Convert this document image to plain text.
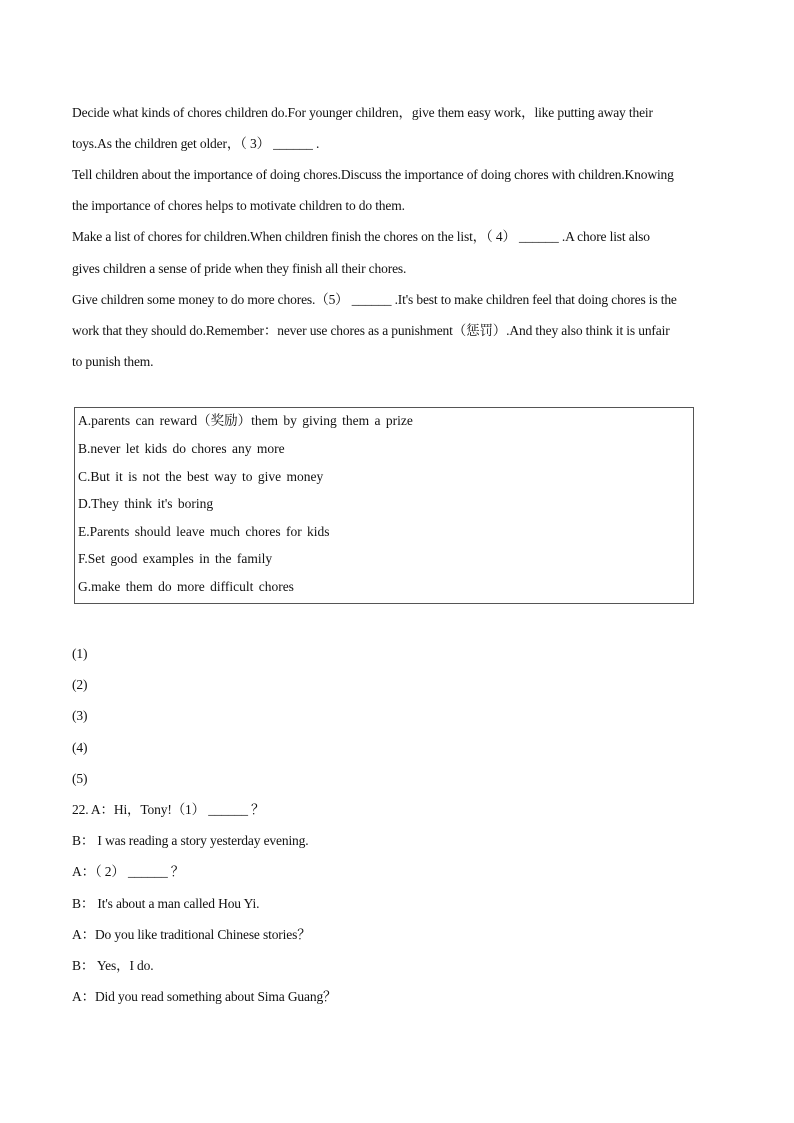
Decide what kinds of chores children do.For younger children，give them easy work，like putting away their
toys.As the children get older，（ 3） ______ .
Tell children about the importance of doing chores.Discuss the importance of doing chores with children.Knowing
the importance of chores helps to motivate children to do them.
Make a list of chores for children.When children finish the chores on the list，（ 4） ______ .A chore list also
gives children a sense of pride when they finish all their chores.
Give children some money to do more chores.（5） ______ .It's best to make children feel that doing chores is the
work that they should do.Remember：never use chores as a punishment（惩罚）.And they also think it is unfair
to punish them.
A.parents can reward（奖励）them by giving them a prize
B.never let kids do chores any more
C.But it is not the best way to give money
D.They think it's boring
E.Parents should leave much chores for kids
F.Set good examples in the family
G.make them do more difficult chores
(1)
(2)
(3)
(4)
(5)
22. A：Hi，Tony!（1） ______ ？
B： I was reading a story yesterday evening.
A：（ 2） ______ ？
B： It's about a man called Hou Yi.
A：Do you like traditional Chinese stories？
B： Yes，I do.
A：Did you read something about Sima Guang？
